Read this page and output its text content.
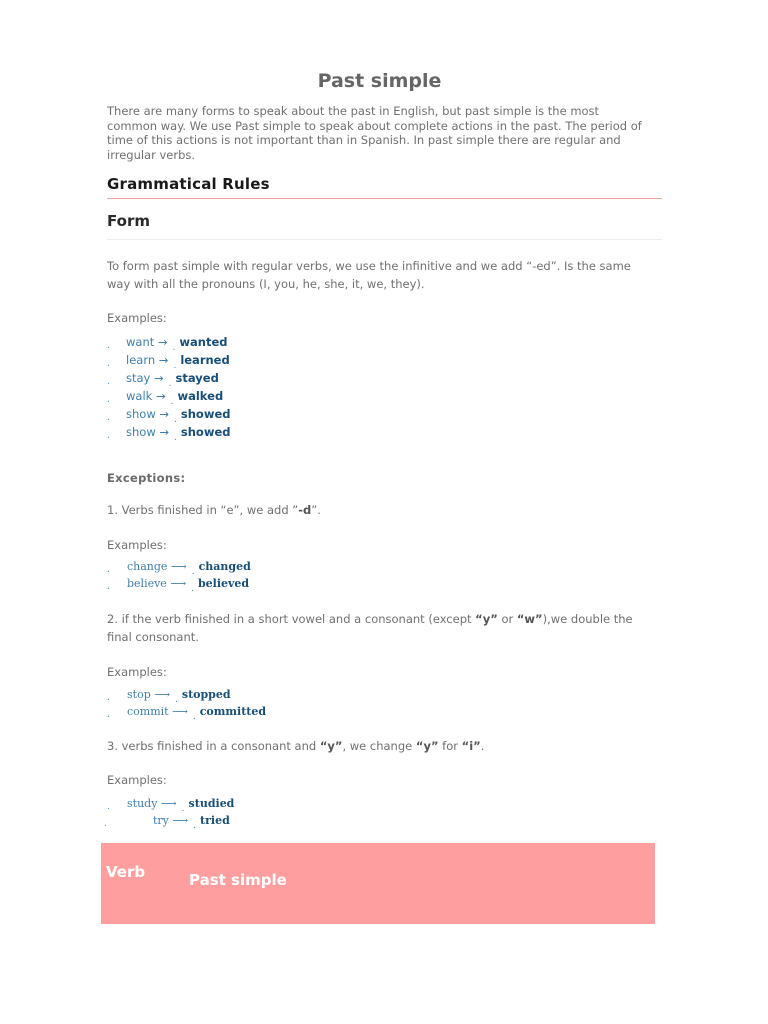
Past simple

There are many forms to speak about the past in English, but past simple is the most common way. We use Past simple to speak about complete actions in the past. The period of time of this actions is not important than in Spanish. In past simple there are regular and irregular verbs.

Grammatical Rules
Form

To form past simple with regular verbs, we use the infinitive and we add “-ed”. Is the same way with all the pronouns (I, you, he, she, it, we, they).

Examples:

. want → $_.$ wanted
. learn → $_.$ learned
. stay → $_.$ stayed
. walk → $_.$ walked
. show → $_.$ showed
. show → $_.$ showed

Exceptions:

1. Verbs finished in “e”, we add ”-d”.

Examples:

. change ⟶ $_.$ changed
. believe ⟶ $_.$ believed

2. if the verb finished in a short vowel and a consonant (except “y” or “w”),we double the final consonant.

Examples:

. stop ⟶ $_.$ stopped
. commit ⟶ $_.$ committed

3. verbs finished in a consonant and “y”, we change “y” for “i”.

Examples:

. study ⟶ $_.$ studied
.	try ⟶ $_.$ tried
Verb	Past simple
